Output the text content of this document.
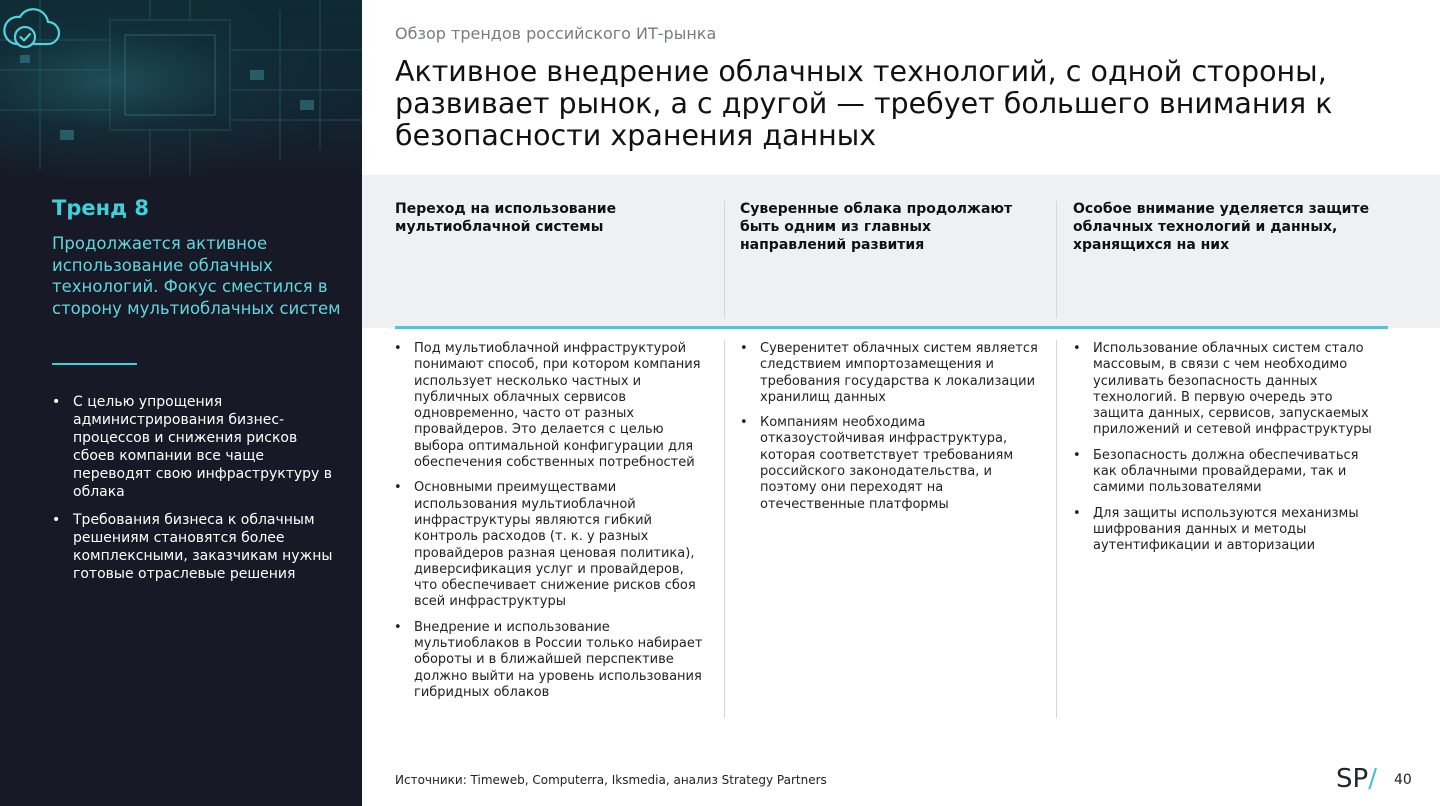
Тренд 8
Продолжается активное использование облачных технологий. Фокус сместился в сторону мультиоблачных систем
• С целью упрощения администрирования бизнес-процессов и снижения рисков сбоев компании все чаще переводят свою инфраструктуру в облака
• Требования бизнеса к облачным решениям становятся более комплексными, заказчикам нужны готовые отраслевые решения
Обзор трендов российского ИТ-рынка
Активное внедрение облачных технологий, с одной стороны, развивает рынок, а с другой — требует большего внимания к безопасности хранения данных
Переход на использование мультиоблачной системы
Суверенные облака продолжают быть одним из главных направлений развития
Особое внимание уделяется защите облачных технологий и данных, хранящихся на них
• Под мультиоблачной инфраструктурой понимают способ, при котором компания использует несколько частных и публичных облачных сервисов одновременно, часто от разных провайдеров. Это делается с целью выбора оптимальной конфигурации для обеспечения собственных потребностей
• Основными преимуществами использования мультиоблачной инфраструктуры являются гибкий контроль расходов (т. к. у разных провайдеров разная ценовая политика), диверсификация услуг и провайдеров, что обеспечивает снижение рисков сбоя всей инфраструктуры
• Внедрение и использование мультиоблаков в России только набирает обороты и в ближайшей перспективе должно выйти на уровень использования гибридных облаков
• Суверенитет облачных систем является следствием импортозамещения и требования государства к локализации хранилищ данных
• Компаниям необходима отказоустойчивая инфраструктура, которая соответствует требованиям российского законодательства, и поэтому они переходят на отечественные платформы
• Использование облачных систем стало массовым, в связи с чем необходимо усиливать безопасность данных технологий. В первую очередь это защита данных, сервисов, запускаемых приложений и сетевой инфраструктуры
• Безопасность должна обеспечиваться как облачными провайдерами, так и самими пользователями
• Для защиты используются механизмы шифрования данных и методы аутентификации и авторизации
Источники: Timeweb, Computerra, Iksmedia, анализ Strategy Partners	SP/ 40
